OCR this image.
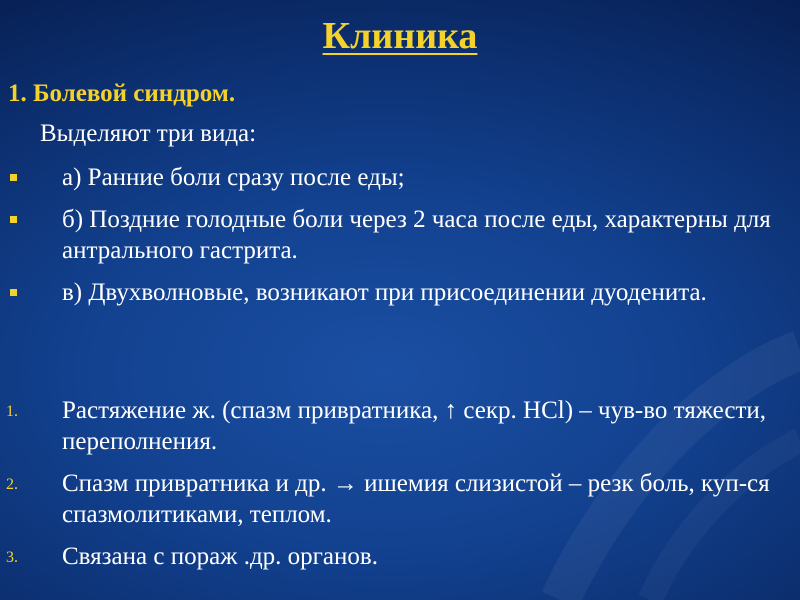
Клиника
1. Болевой синдром.
Выделяют три вида:
а) Ранние боли сразу после еды;
б) Поздние голодные боли через 2 часа после еды, характерны для антрального гастрита.
в) Двухволновые, возникают при присоединении дуоденита.
1. Растяжение ж. (спазм привратника, ↑ секр. HCl) – чув-во тяжести, переполнения.
2. Спазм привратника и др. → ишемия слизистой – резк боль, куп-ся спазмолитиками, теплом.
3. Связана с пораж .др. органов.
